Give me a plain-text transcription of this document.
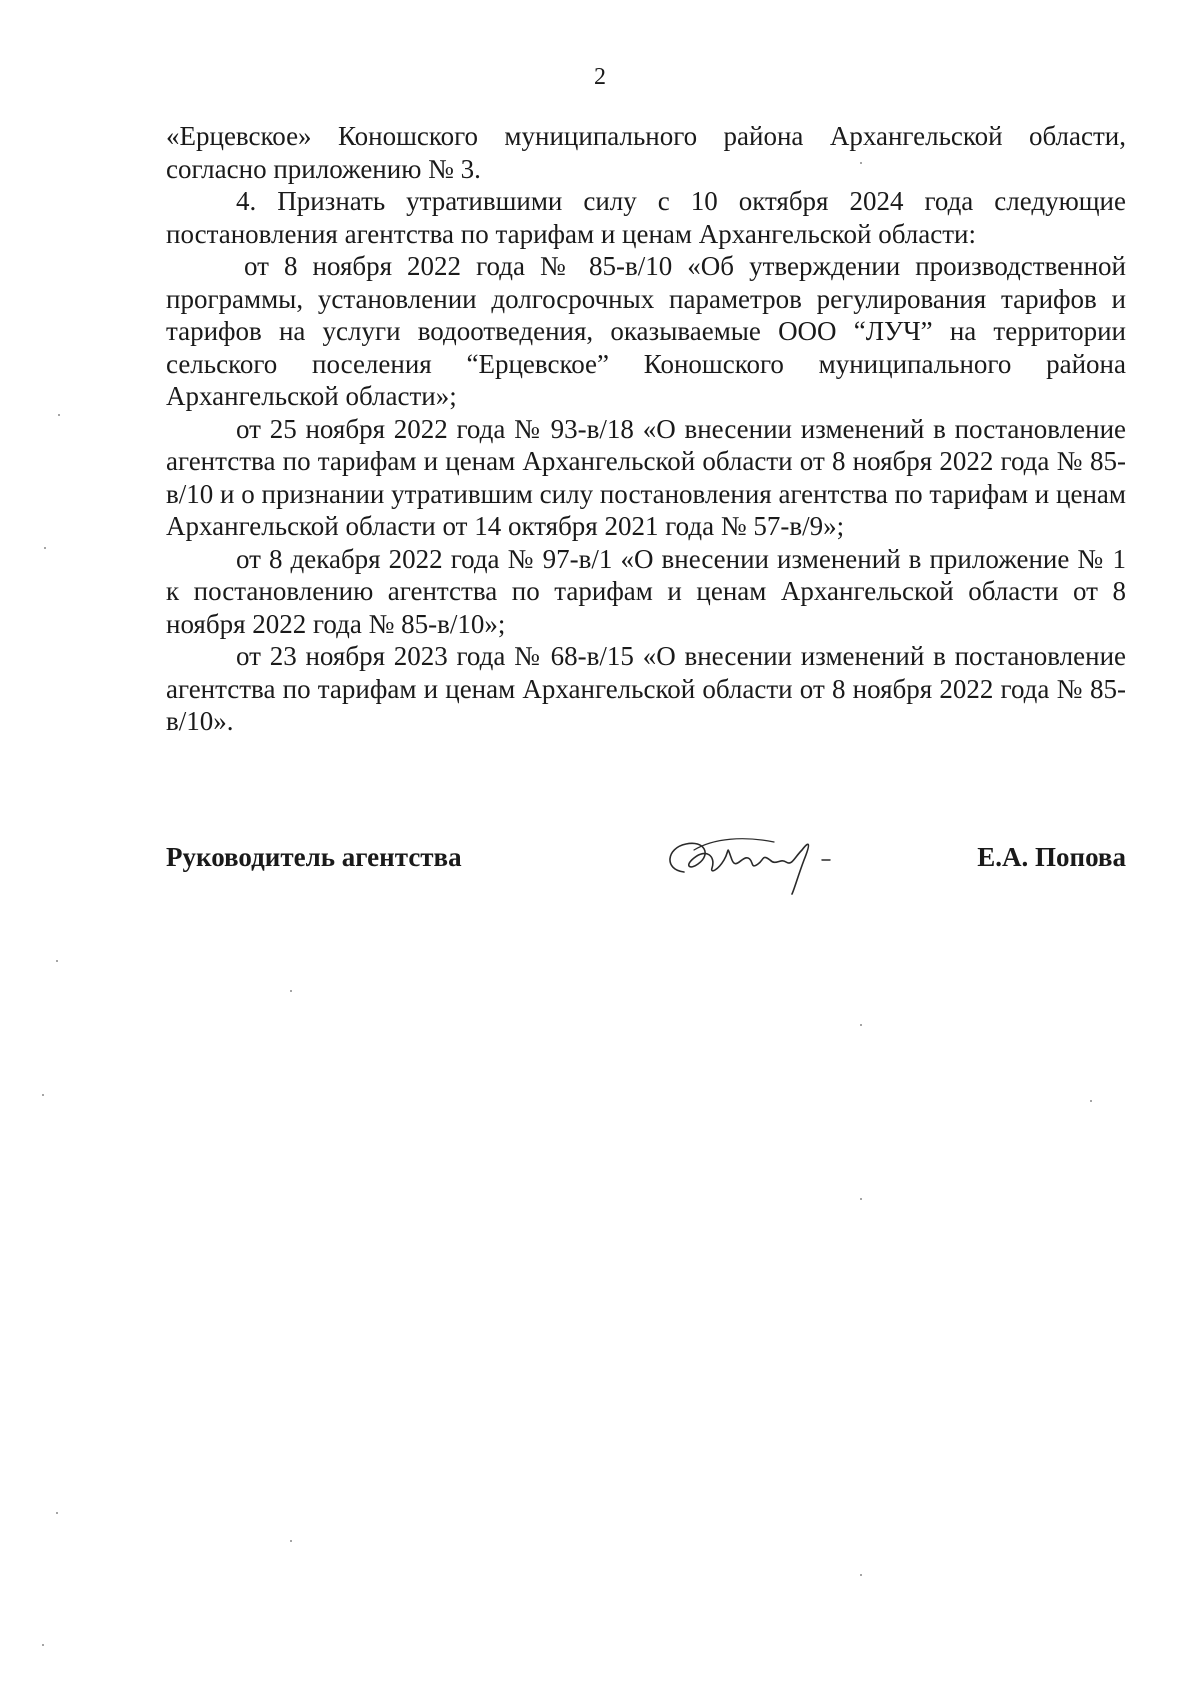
2

«Ерцевское» Коношского муниципального района Архангельской области, согласно приложению № 3.

4. Признать утратившими силу с 10 октября 2024 года следующие постановления агентства по тарифам и ценам Архангельской области:

от 8 ноября 2022 года № 85-в/10 «Об утверждении производственной программы, установлении долгосрочных параметров регулирования тарифов и тарифов на услуги водоотведения, оказываемые ООО “ЛУЧ” на территории сельского поселения “Ерцевское” Коношского муниципального района Архангельской области»;

от 25 ноября 2022 года № 93-в/18 «О внесении изменений в постановление агентства по тарифам и ценам Архангельской области от 8 ноября 2022 года № 85-в/10 и о признании утратившим силу постановления агентства по тарифам и ценам Архангельской области от 14 октября 2021 года № 57-в/9»;

от 8 декабря 2022 года № 97-в/1 «О внесении изменений в приложение № 1 к постановлению агентства по тарифам и ценам Архангельской области от 8 ноября 2022 года № 85-в/10»;

от 23 ноября 2023 года № 68-в/15 «О внесении изменений в постановление агентства по тарифам и ценам Архангельской области от 8 ноября 2022 года № 85-в/10».

Руководитель агентства	Е.А. Попова
